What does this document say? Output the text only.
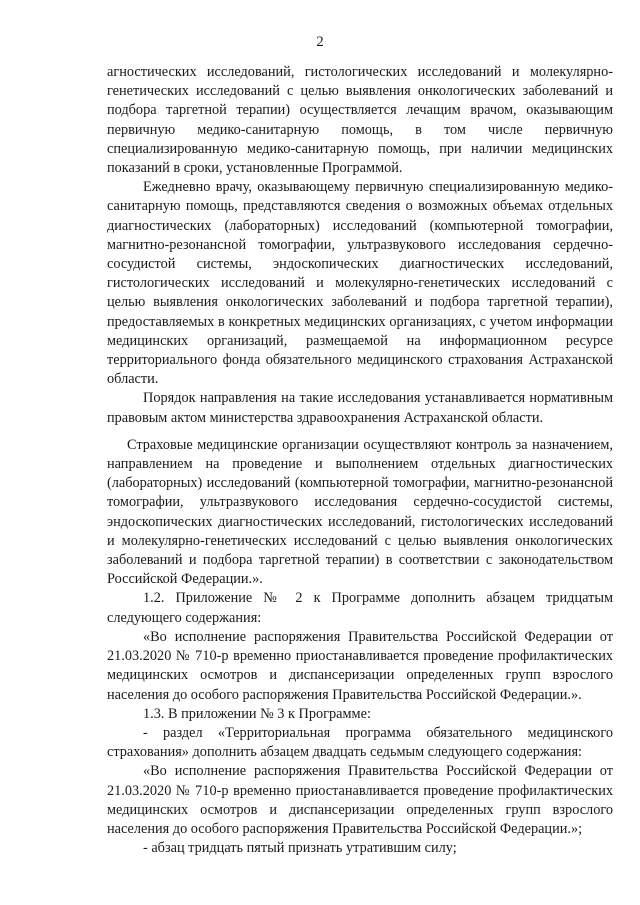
2

агностических исследований, гистологических исследований и молекулярно-генетических исследований с целью выявления онкологических заболеваний и подбора таргетной терапии) осуществляется лечащим врачом, оказывающим первичную медико-санитарную помощь, в том числе первичную специализированную медико-санитарную помощь, при наличии медицинских показаний в сроки, установленные Программой.

Ежедневно врачу, оказывающему первичную специализированную медико-санитарную помощь, представляются сведения о возможных объемах отдельных диагностических (лабораторных) исследований (компьютерной томографии, магнитно-резонансной томографии, ультразвукового исследования сердечно-сосудистой системы, эндоскопических диагностических исследований, гистологических исследований и молекулярно-генетических исследований с целью выявления онкологических заболеваний и подбора таргетной терапии), предоставляемых в конкретных медицинских организациях, с учетом информации медицинских организаций, размещаемой на информационном ресурсе территориального фонда обязательного медицинского страхования Астраханской области.

Порядок направления на такие исследования устанавливается нормативным правовым актом министерства здравоохранения Астраханской области.

Страховые медицинские организации осуществляют контроль за назначением, направлением на проведение и выполнением отдельных диагностических (лабораторных) исследований (компьютерной томографии, магнитно-резонансной томографии, ультразвукового исследования сердечно-сосудистой системы, эндоскопических диагностических исследований, гистологических исследований и молекулярно-генетических исследований с целью выявления онкологических заболеваний и подбора таргетной терапии) в соответствии с законодательством Российской Федерации.».

1.2. Приложение № 2 к Программе дополнить абзацем тридцатым следующего содержания:

«Во исполнение распоряжения Правительства Российской Федерации от 21.03.2020 № 710-р временно приостанавливается проведение профилактических медицинских осмотров и диспансеризации определенных групп взрослого населения до особого распоряжения Правительства Российской Федерации.».

1.3. В приложении № 3 к Программе:

- раздел «Территориальная программа обязательного медицинского страхования» дополнить абзацем двадцать седьмым следующего содержания:

«Во исполнение распоряжения Правительства Российской Федерации от 21.03.2020 № 710-р временно приостанавливается проведение профилактических медицинских осмотров и диспансеризации определенных групп взрослого населения до особого распоряжения Правительства Российской Федерации.»;

- абзац тридцать пятый признать утратившим силу;
